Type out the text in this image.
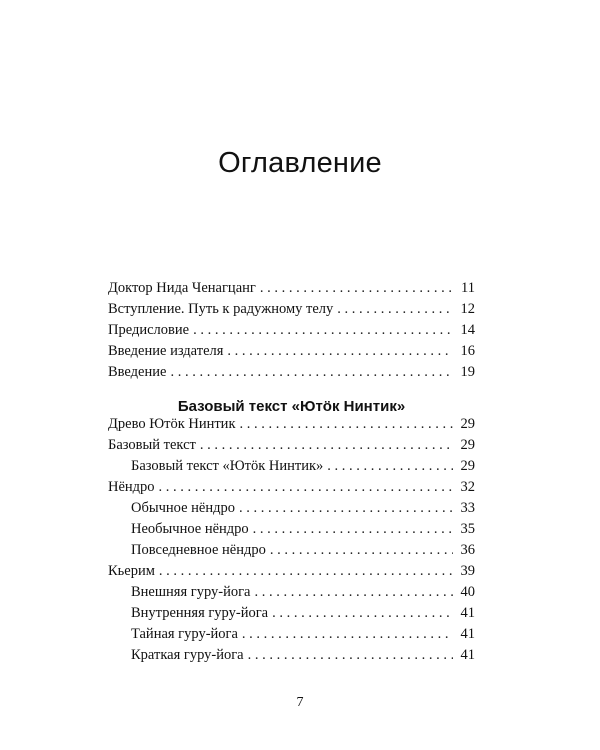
Оглавление
Доктор Нида Ченагцанг . . .	11
Вступление. Путь к радужному телу . . .	12
Предисловие . . .	14
Введение издателя . . .	16
Введение . . .	19
Базовый текст «Ютӧк Нинтик»
Древо Ютӧк Нинтик . . .	29
Базовый текст . . .	29
Базовый текст «Ютӧк Нинтик» . . .	29
Нёндро . . .	32
Обычное нёндро . . .	33
Необычное нёндро . . .	35
Повседневное нёндро . . .	36
Кьерим . . .	39
Внешняя гуру-йога . . .	40
Внутренняя гуру-йога . . .	41
Тайная гуру-йога . . .	41
Краткая гуру-йога . . .	41
7
